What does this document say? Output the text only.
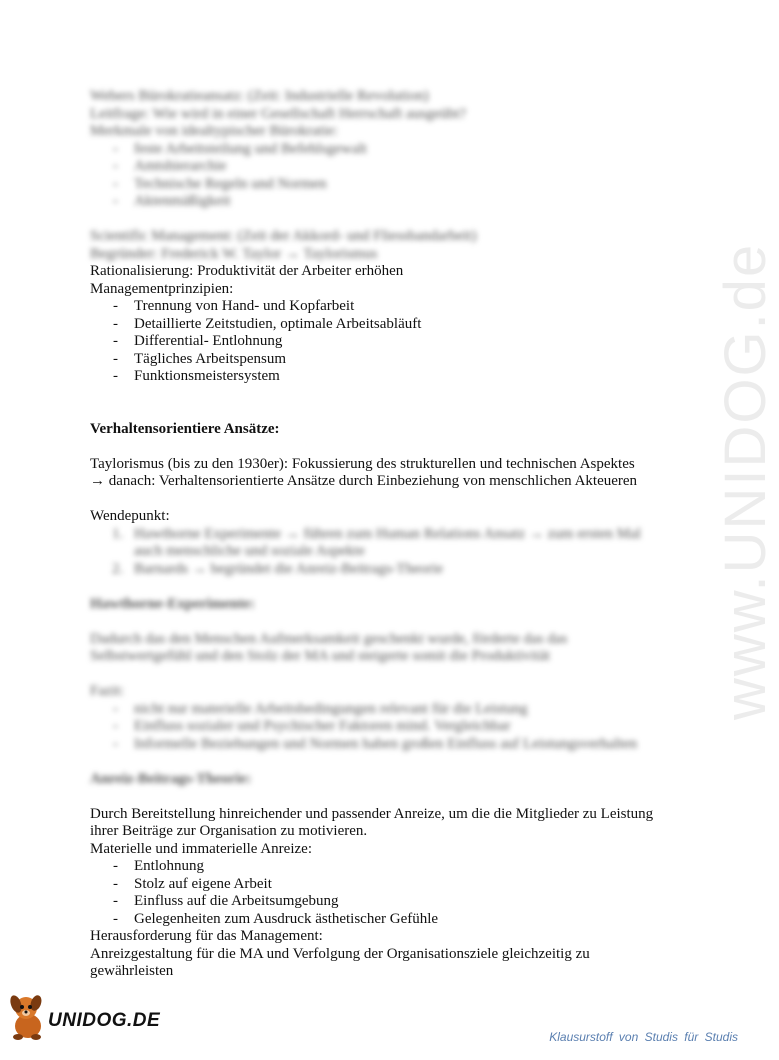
www.UNIDOG.de
Webers Bürokratieansatz: (Zeit: Industrielle Revolution)
Leitfrage: Wie wird in einer Gesellschaft Herrschaft ausgeübt?
Merkmale von idealtypischer Bürokratie:
- feste Arbeitsteilung und Befehlsgewalt
- Amtshierarchie
- Technische Regeln und Normen
- Aktenmäßigkeit
Scientific Management: (Zeit der Akkord- und Fliessbandarbeit)
Begründer: Frederick W. Taylor → Taylorismus
Rationalisierung: Produktivität der Arbeiter erhöhen
Managementprinzipien:
- Trennung von Hand- und Kopfarbeit
- Detaillierte Zeitstudien, optimale Arbeitsabläuft
- Differential- Entlohnung
- Tägliches Arbeitspensum
- Funktionsmeistersystem
Verhaltensorientiere Ansätze:
Taylorismus (bis zu den 1930er): Fokussierung des strukturellen und technischen Aspektes
→ danach: Verhaltensorientierte Ansätze durch Einbeziehung von menschlichen Akteueren
Wendepunkt:
1. Hawthorne Experimente → führen zum Human Relations Ansatz → zum ersten Mal
auch menschliche und soziale Aspekte
2. Barnards → begründet die Anreiz-Beitrags-Theorie
Hawthorne-Experimente:
Dadurch das den Menschen Aufmerksamkeit geschenkt wurde, förderte das das
Selbstwertgefühl und den Stolz der MA und steigerte somit die Produktivität
Fazit:
- nicht nur materielle Arbeitsbedingungen relevant für die Leistung
- Einfluss sozialer und Psychischer Faktoren mind. Vergleichbar
- Informelle Beziehungen und Normen haben großen Einfluss auf Leistungsverhalten
Anreiz-Beitrags-Theorie:
Durch Bereitstellung hinreichender und passender Anreize, um die die Mitglieder zu Leistung
ihrer Beiträge zur Organisation zu motivieren.
Materielle und immaterielle Anreize:
- Entlohnung
- Stolz auf eigene Arbeit
- Einfluss auf die Arbeitsumgebung
- Gelegenheiten zum Ausdruck ästhetischer Gefühle
Herausforderung für das Management:
Anreizgestaltung für die MA und Verfolgung der Organisationsziele gleichzeitig zu
gewährleisten
UNIDOG.DE
Klausurstoff von Studis für Studis
